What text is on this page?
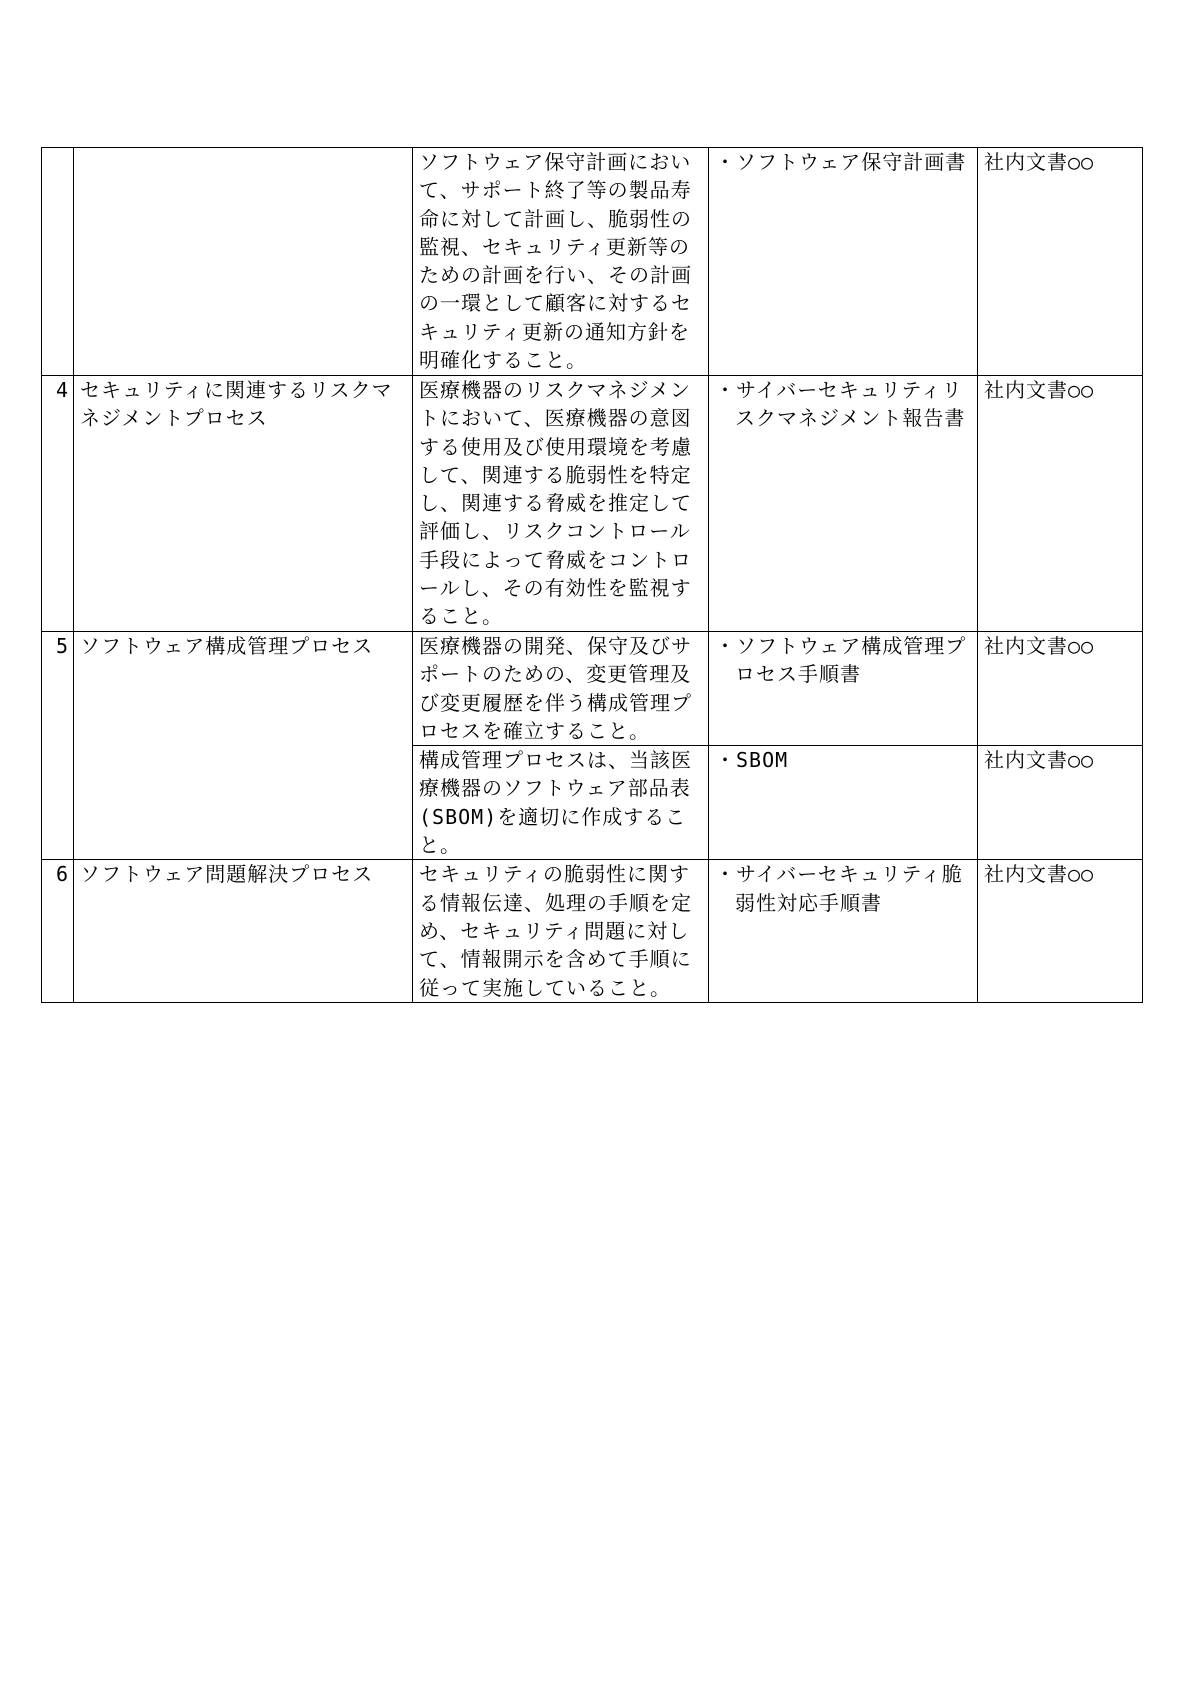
		ソフトウェア保守計画において、サポート終了等の製品寿命に対して計画し、脆弱性の監視、セキュリティ更新等のための計画を行い、その計画の一環として顧客に対するセキュリティ更新の通知方針を明確化すること。	・ソフトウェア保守計画書	社内文書○○
4	セキュリティに関連するリスクマネジメントプロセス	医療機器のリスクマネジメントにおいて、医療機器の意図する使用及び使用環境を考慮して、関連する脆弱性を特定し、関連する脅威を推定して評価し、リスクコントロール手段によって脅威をコントロールし、その有効性を監視すること。	・サイバーセキュリティリスクマネジメント報告書	社内文書○○
5	ソフトウェア構成管理プロセス	医療機器の開発、保守及びサポートのための、変更管理及び変更履歴を伴う構成管理プロセスを確立すること。	・ソフトウェア構成管理プロセス手順書	社内文書○○
		構成管理プロセスは、当該医療機器のソフトウェア部品表(SBOM)を適切に作成すること。	・SBOM	社内文書○○
6	ソフトウェア問題解決プロセス	セキュリティの脆弱性に関する情報伝達、処理の手順を定め、セキュリティ問題に対して、情報開示を含めて手順に従って実施していること。	・サイバーセキュリティ脆弱性対応手順書	社内文書○○
